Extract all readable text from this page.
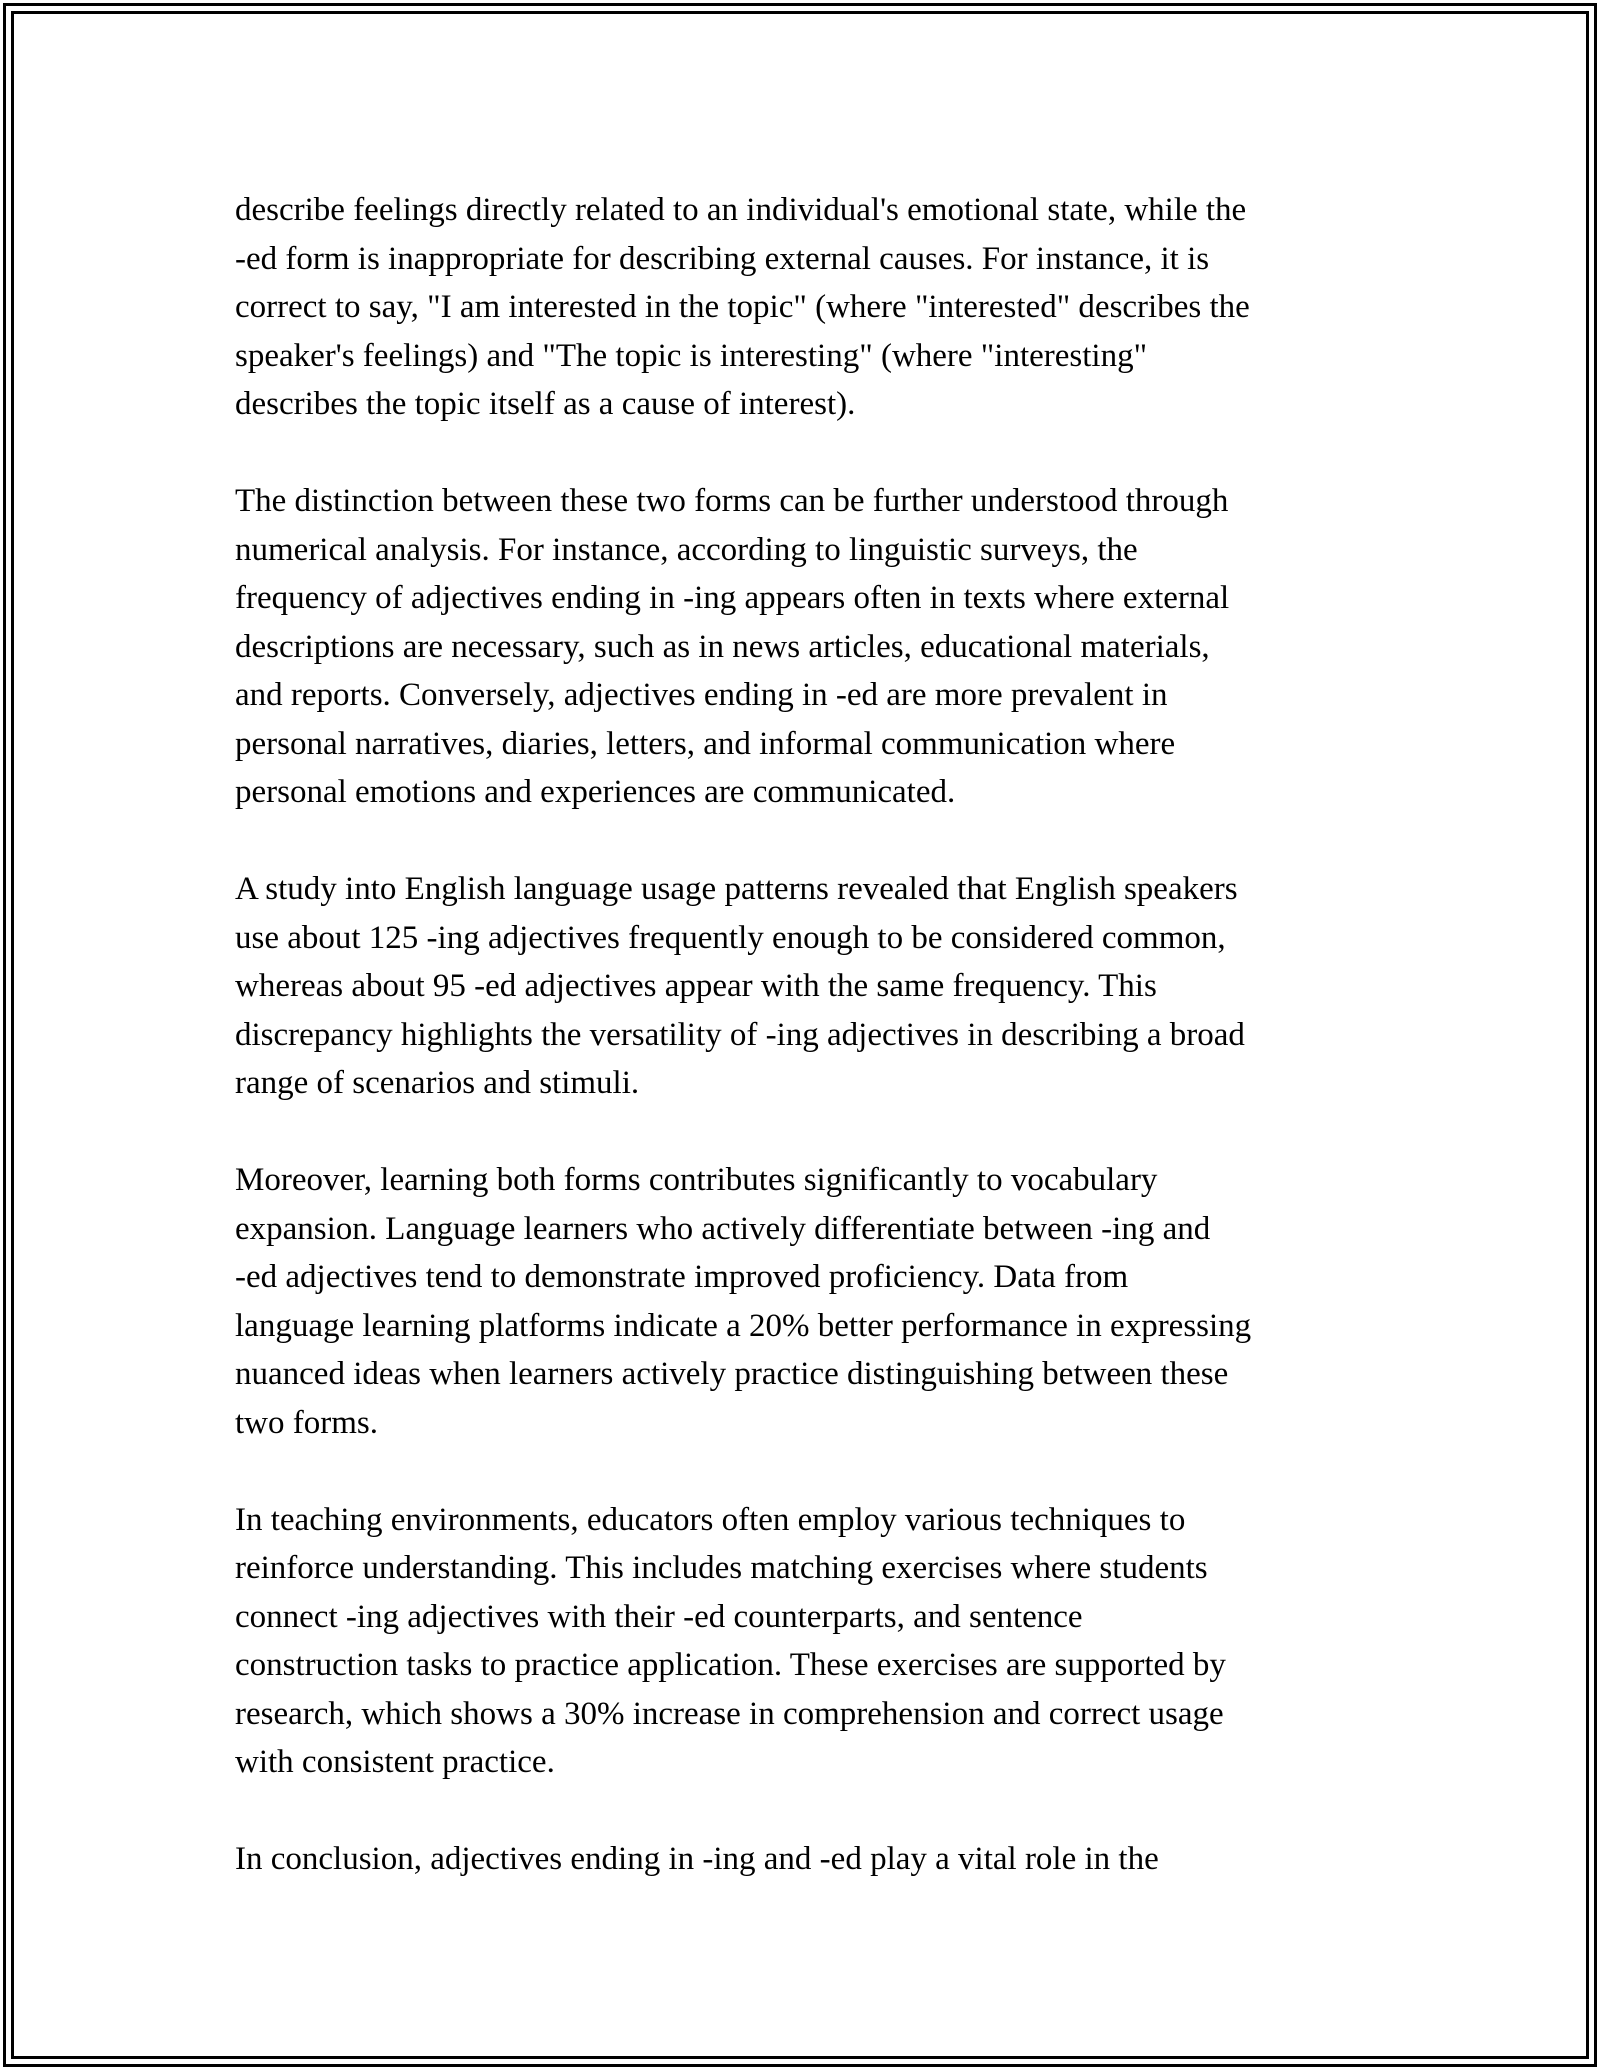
describe feelings directly related to an individual's emotional state, while the
-ed form is inappropriate for describing external causes. For instance, it is
correct to say, "I am interested in the topic" (where "interested" describes the
speaker's feelings) and "The topic is interesting" (where "interesting"
describes the topic itself as a cause of interest).
The distinction between these two forms can be further understood through
numerical analysis. For instance, according to linguistic surveys, the
frequency of adjectives ending in -ing appears often in texts where external
descriptions are necessary, such as in news articles, educational materials,
and reports. Conversely, adjectives ending in -ed are more prevalent in
personal narratives, diaries, letters, and informal communication where
personal emotions and experiences are communicated.
A study into English language usage patterns revealed that English speakers
use about 125 -ing adjectives frequently enough to be considered common,
whereas about 95 -ed adjectives appear with the same frequency. This
discrepancy highlights the versatility of -ing adjectives in describing a broad
range of scenarios and stimuli.
Moreover, learning both forms contributes significantly to vocabulary
expansion. Language learners who actively differentiate between -ing and
-ed adjectives tend to demonstrate improved proficiency. Data from
language learning platforms indicate a 20% better performance in expressing
nuanced ideas when learners actively practice distinguishing between these
two forms.
In teaching environments, educators often employ various techniques to
reinforce understanding. This includes matching exercises where students
connect -ing adjectives with their -ed counterparts, and sentence
construction tasks to practice application. These exercises are supported by
research, which shows a 30% increase in comprehension and correct usage
with consistent practice.
In conclusion, adjectives ending in -ing and -ed play a vital role in the
